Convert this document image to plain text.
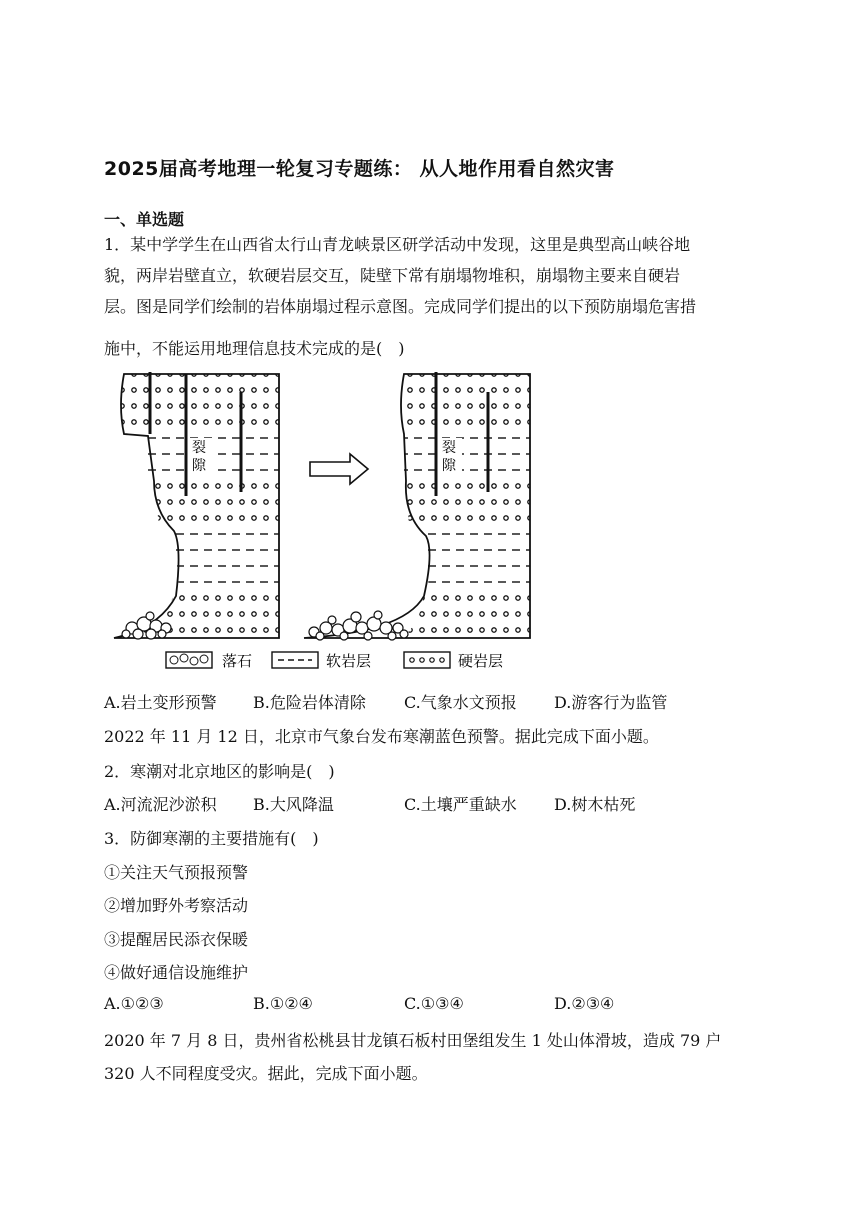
2025届高考地理一轮复习专题练： 从人地作用看自然灾害
一、单选题
1．某中学学生在山西省太行山青龙峡景区研学活动中发现，这里是典型高山峡谷地
貌，两岸岩壁直立，软硬岩层交互，陡壁下常有崩塌物堆积，崩塌物主要来自硬岩
层。图是同学们绘制的岩体崩塌过程示意图。完成同学们提出的以下预防崩塌危害措
施中，不能运用地理信息技术完成的是(　)
裂
隙
裂
隙
落石	软岩层	硬岩层
A.岩土变形预警 B.危险岩体清除 C.气象水文预报 D.游客行为监管
2022 年 11 月 12 日，北京市气象台发布寒潮蓝色预警。据此完成下面小题。
2．寒潮对北京地区的影响是(　)
A.河流泥沙淤积 B.大风降温	C.土壤严重缺水 D.树木枯死
3．防御寒潮的主要措施有(　)
①关注天气预报预警
②增加野外考察活动
③提醒居民添衣保暖
④做好通信设施维护
A.①②③	B.①②④	C.①③④	D.②③④
2020 年 7 月 8 日，贵州省松桃县甘龙镇石板村田堡组发生 1 处山体滑坡，造成 79 户
320 人不同程度受灾。据此，完成下面小题。
